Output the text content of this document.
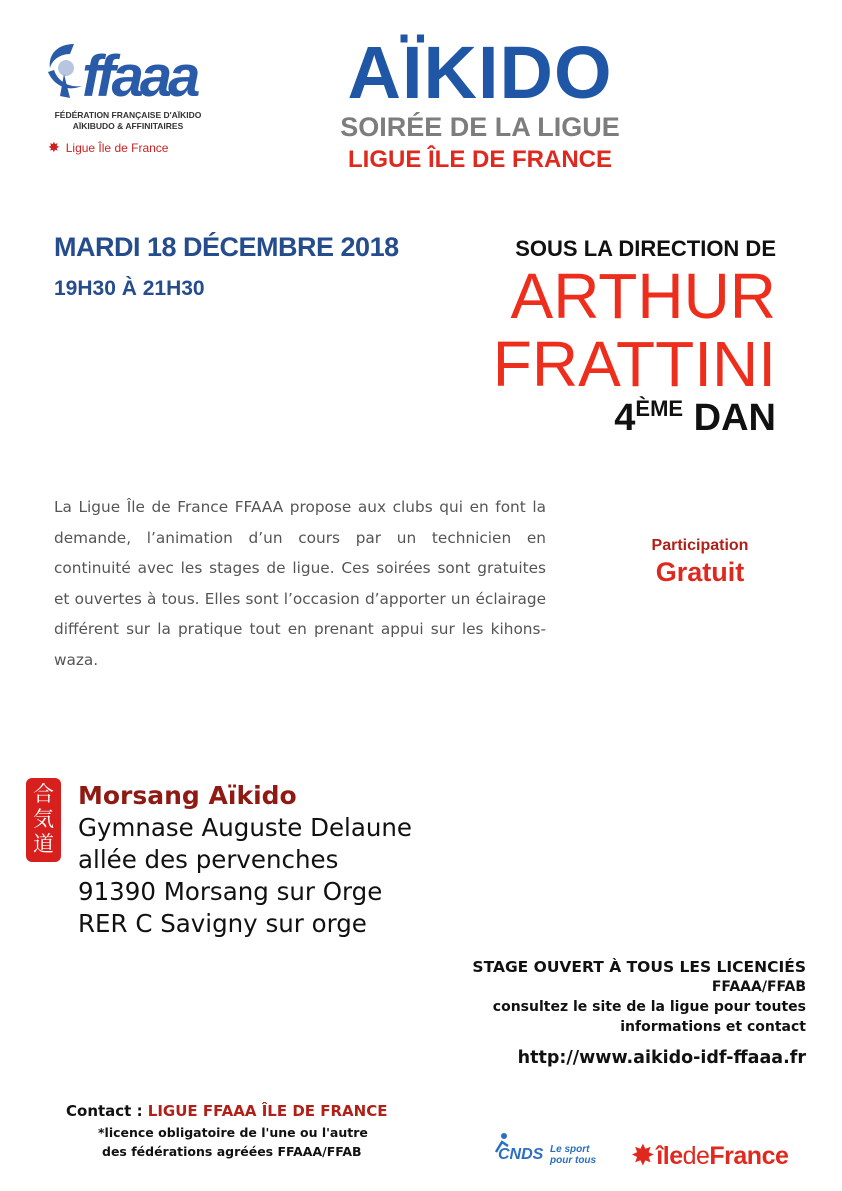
ffaaa
FÉDÉRATION FRANÇAISE D'AÏKIDO
AÏKIBUDO & AFFINITAIRES
✸ Ligue Île de France
AÏKIDO
SOIRÉE DE LA LIGUE
LIGUE ÎLE DE FRANCE
MARDI 18 DÉCEMBRE 2018
19H30 À 21H30
SOUS LA DIRECTION DE
ARTHUR
FRATTINI
4ÈME DAN

La Ligue Île de France FFAAA propose aux clubs qui en font la demande, l’animation d’un cours par un technicien en continuité avec les stages de ligue. Ces soirées sont gratuites et ouvertes à tous. Elles sont l’occasion d’apporter un éclairage différent sur la pratique tout en prenant appui sur les kihons-waza.

Participation
Gratuit
合気道
Morsang Aïkido
Gymnase Auguste Delaune
allée des pervenches
91390 Morsang sur Orge
RER C Savigny sur orge
STAGE OUVERT À TOUS LES LICENCIÉS
FFAAA/FFAB
consultez le site de la ligue pour toutes
informations et contact
http://www.aikido-idf-ffaaa.fr
Contact : LIGUE FFAAA ÎLE DE FRANCE
*licence obligatoire de l'une ou l'autre
des fédérations agréées FFAAA/FFAB	CNDS Le sport pour tous ✸ îledeFrance
